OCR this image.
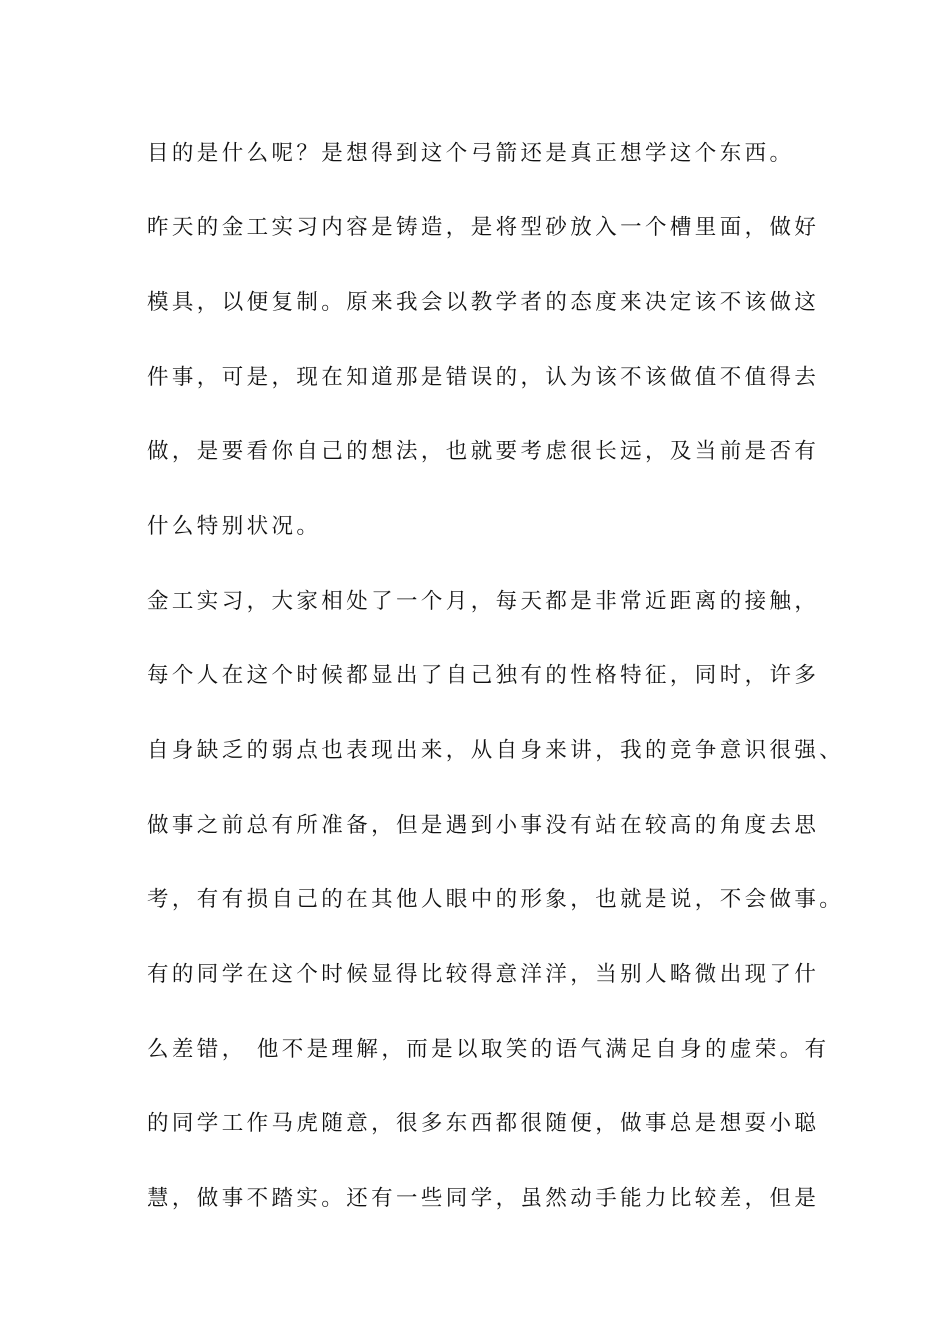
目的是什么呢？是想得到这个弓箭还是真正想学这个东西。

昨天的金工实习内容是铸造，是将型砂放入一个槽里面，做好

模具，以便复制。原来我会以教学者的态度来决定该不该做这

件事，可是，现在知道那是错误的，认为该不该做值不值得去

做，是要看你自己的想法，也就要考虑很长远，及当前是否有

什么特别状况。

金工实习，大家相处了一个月，每天都是非常近距离的接触，

每个人在这个时候都显出了自己独有的性格特征，同时，许多

自身缺乏的弱点也表现出来，从自身来讲，我的竞争意识很强、

做事之前总有所准备，但是遇到小事没有站在较高的角度去思

考，有有损自己的在其他人眼中的形象，也就是说，不会做事。

有的同学在这个时候显得比较得意洋洋，当别人略微出现了什

么差错， 他不是理解，而是以取笑的语气满足自身的虚荣。有

的同学工作马虎随意，很多东西都很随便，做事总是想耍小聪

慧，做事不踏实。还有一些同学，虽然动手能力比较差，但是
